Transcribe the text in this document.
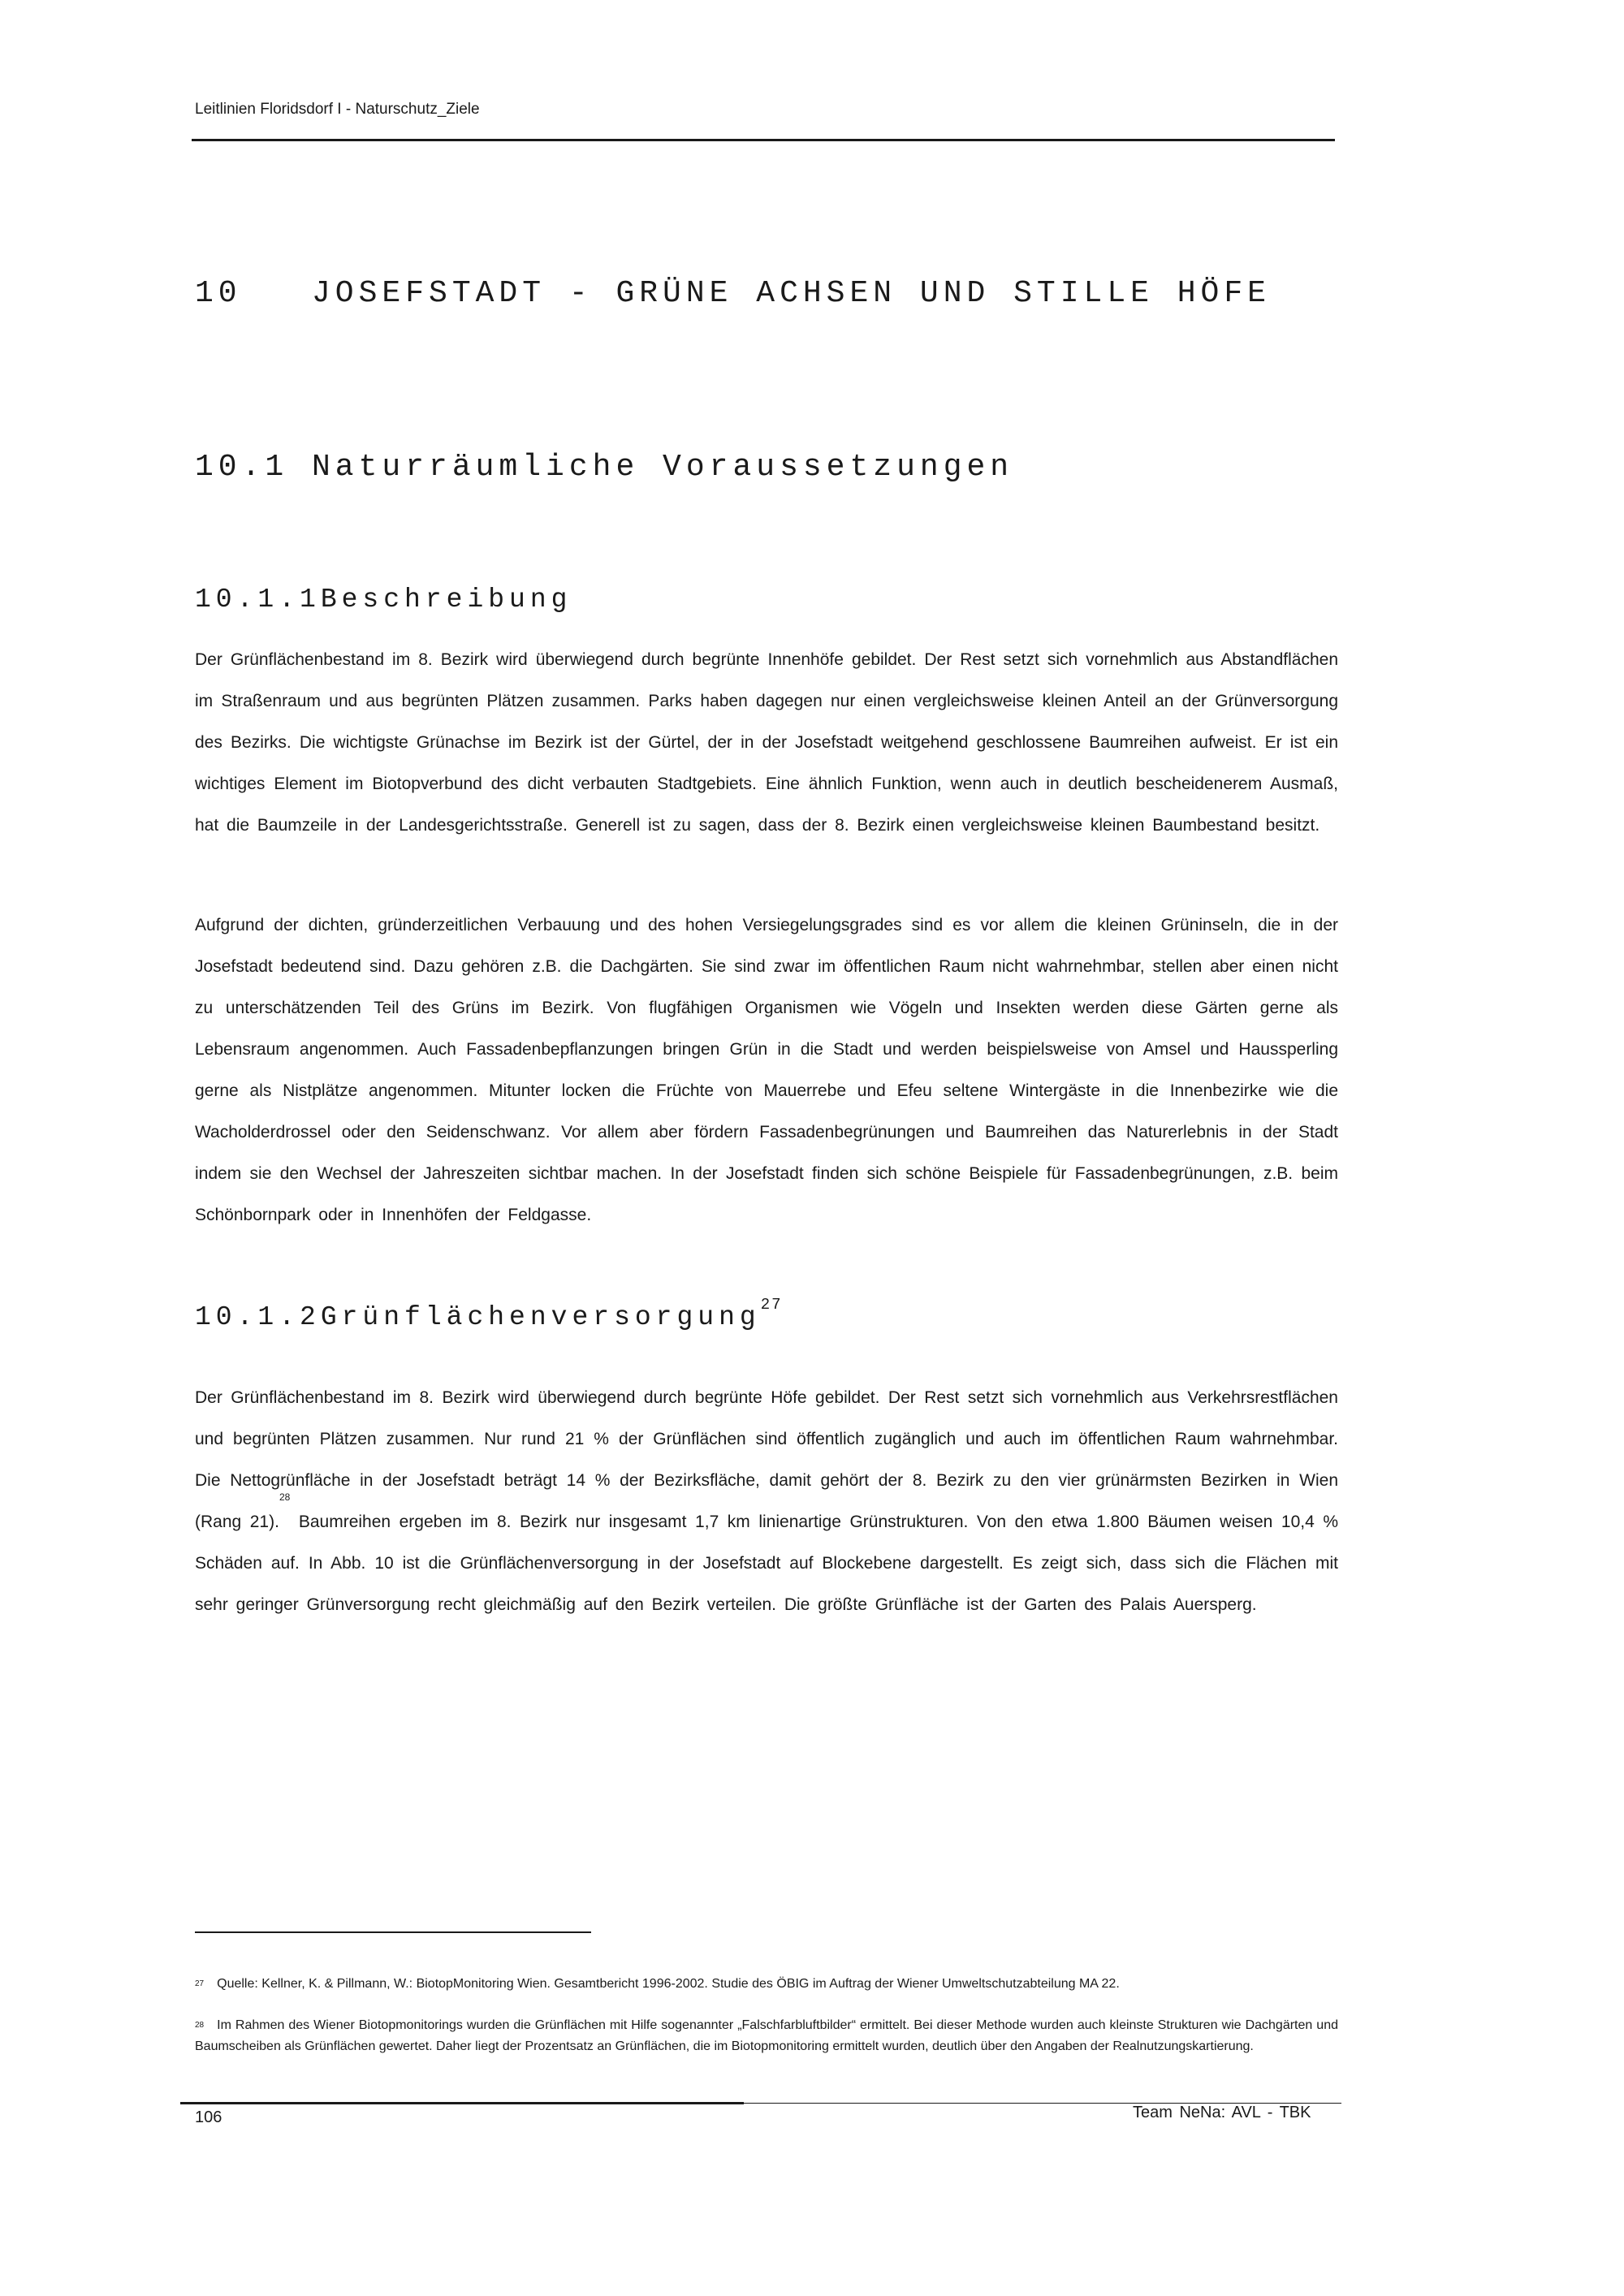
Leitlinien Floridsdorf I - Naturschutz_Ziele
10 JOSEFSTADT - GRÜNE ACHSEN UND STILLE HÖFE
10.1 Naturräumliche Voraussetzungen
10.1.1Beschreibung

Der Grünflächenbestand im 8. Bezirk wird überwiegend durch begrünte Innenhöfe gebildet. Der Rest setzt sich vornehmlich aus Abstandflächen im Straßenraum und aus begrünten Plätzen zusammen. Parks haben dagegen nur einen vergleichsweise kleinen Anteil an der Grünversorgung des Bezirks. Die wichtigste Grünachse im Bezirk ist der Gürtel, der in der Josefstadt weitgehend geschlossene Baumreihen aufweist. Er ist ein wichtiges Element im Biotopverbund des dicht verbauten Stadtgebiets. Eine ähnlich Funktion, wenn auch in deutlich bescheidenerem Ausmaß, hat die Baumzeile in der Landesgerichtsstraße. Generell ist zu sagen, dass der 8. Bezirk einen vergleichsweise kleinen Baumbestand besitzt.

Aufgrund der dichten, gründerzeitlichen Verbauung und des hohen Versiegelungsgrades sind es vor allem die kleinen Grüninseln, die in der Josefstadt bedeutend sind. Dazu gehören z.B. die Dachgärten. Sie sind zwar im öffentlichen Raum nicht wahrnehmbar, stellen aber einen nicht zu unterschätzenden Teil des Grüns im Bezirk. Von flugfähigen Organismen wie Vögeln und Insekten werden diese Gärten gerne als Lebensraum angenommen. Auch Fassadenbepflanzungen bringen Grün in die Stadt und werden beispielsweise von Amsel und Haussperling gerne als Nistplätze angenommen. Mitunter locken die Früchte von Mauerrebe und Efeu seltene Wintergäste in die Innenbezirke wie die Wacholderdrossel oder den Seidenschwanz. Vor allem aber fördern Fassadenbegrünungen und Baumreihen das Naturerlebnis in der Stadt indem sie den Wechsel der Jahreszeiten sichtbar machen. In der Josefstadt finden sich schöne Beispiele für Fassadenbegrünungen, z.B. beim Schönbornpark oder in Innenhöfen der Feldgasse.

10.1.2Grünflächenversorgung$^{27}$

Der Grünflächenbestand im 8. Bezirk wird überwiegend durch begrünte Höfe gebildet. Der Rest setzt sich vornehmlich aus Verkehrsrestflächen und begrünten Plätzen zusammen. Nur rund 21 % der Grünflächen sind öffentlich zugänglich und auch im öffentlichen Raum wahrnehmbar. Die Nettogrünfläche in der Josefstadt beträgt 14 % der Bezirksfläche, damit gehört der 8. Bezirk zu den vier grünärmsten Bezirken in Wien (Rang 21).$^{28}$ Baumreihen ergeben im 8. Bezirk nur insgesamt 1,7 km linienartige Grünstrukturen. Von den etwa 1.800 Bäumen weisen 10,4 % Schäden auf. In Abb. 10 ist die Grünflächenversorgung in der Josefstadt auf Blockebene dargestellt. Es zeigt sich, dass sich die Flächen mit sehr geringer Grünversorgung recht gleichmäßig auf den Bezirk verteilen. Die größte Grünfläche ist der Garten des Palais Auersperg.

$^{27}$ Quelle: Kellner, K. & Pillmann, W.: BiotopMonitoring Wien. Gesamtbericht 1996-2002. Studie des ÖBIG im Auftrag der Wiener Umweltschutzabteilung MA 22.

$^{28}$ Im Rahmen des Wiener Biotopmonitorings wurden die Grünflächen mit Hilfe sogenannter „Falschfarbluftbilder“ ermittelt. Bei dieser Methode wurden auch kleinste Strukturen wie Dachgärten und Baumscheiben als Grünflächen gewertet. Daher liegt der Prozentsatz an Grünflächen, die im Biotopmonitoring ermittelt wurden, deutlich über den Angaben der Realnutzungskartierung.

106	Team NeNa: AVL - TBK
